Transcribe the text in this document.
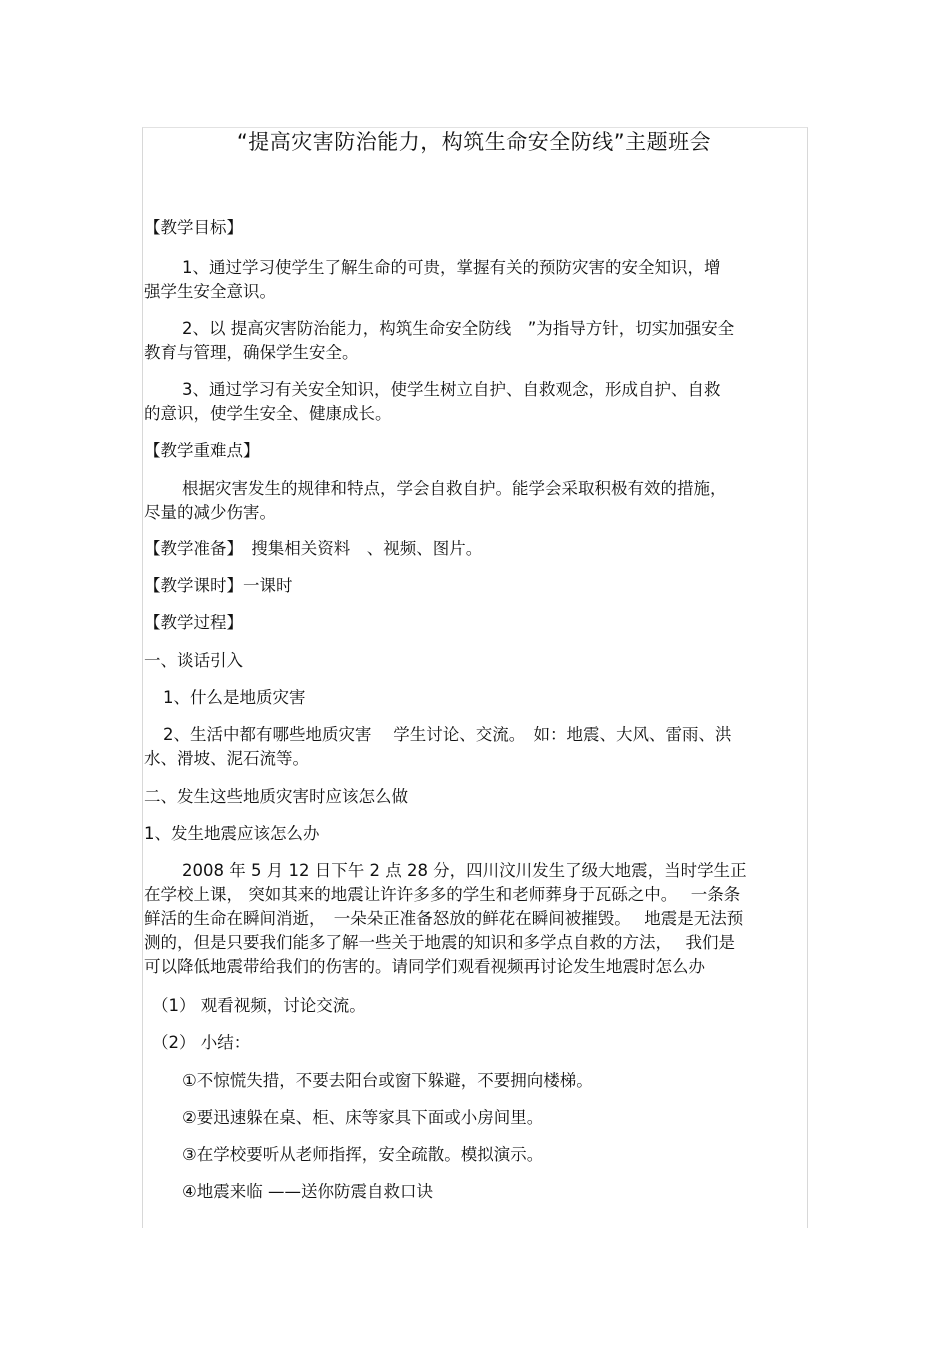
“提高灾害防治能力，构筑生命安全防线”主题班会
【教学目标】
1、通过学习使学生了解生命的可贵，掌握有关的预防灾害的安全知识，增
强学生安全意识。
2、以 提高灾害防治能力，构筑生命安全防线　”为指导方针，切实加强安全
教育与管理，确保学生安全。
3、通过学习有关安全知识，使学生树立自护、自救观念，形成自护、自救
的意识，使学生安全、健康成长。
【教学重难点】
根据灾害发生的规律和特点，学会自救自护。能学会采取积极有效的措施，
尽量的减少伤害。
【教学准备】　搜集相关资料　、视频、图片。
【教学课时】一课时
【教学过程】
一、谈话引入
1、什么是地质灾害
2、生活中都有哪些地质灾害　 学生讨论、交流。　如：地震、大风、雷雨、洪
水、滑坡、泥石流等。
二、发生这些地质灾害时应该怎么做
1、发生地震应该怎么办
2008 年 5 月 12 日下午 2 点 28 分，四川汶川发生了级大地震，当时学生正
在学校上课， 突如其来的地震让许许多多的学生和老师葬身于瓦砾之中。　 一条条
鲜活的生命在瞬间消逝，　一朵朵正准备怒放的鲜花在瞬间被摧毁。　 地震是无法预
测的，但是只要我们能多了解一些关于地震的知识和多学点自救的方法，　 我们是
可以降低地震带给我们的伤害的。请同学们观看视频再讨论发生地震时怎么办
（1） 观看视频，讨论交流。
（2） 小结：
①不惊慌失措，不要去阳台或窗下躲避，不要拥向楼梯。
②要迅速躲在桌、柜、床等家具下面或小房间里。
③在学校要听从老师指挥，安全疏散。模拟演示。
④地震来临 ——送你防震自救口诀
